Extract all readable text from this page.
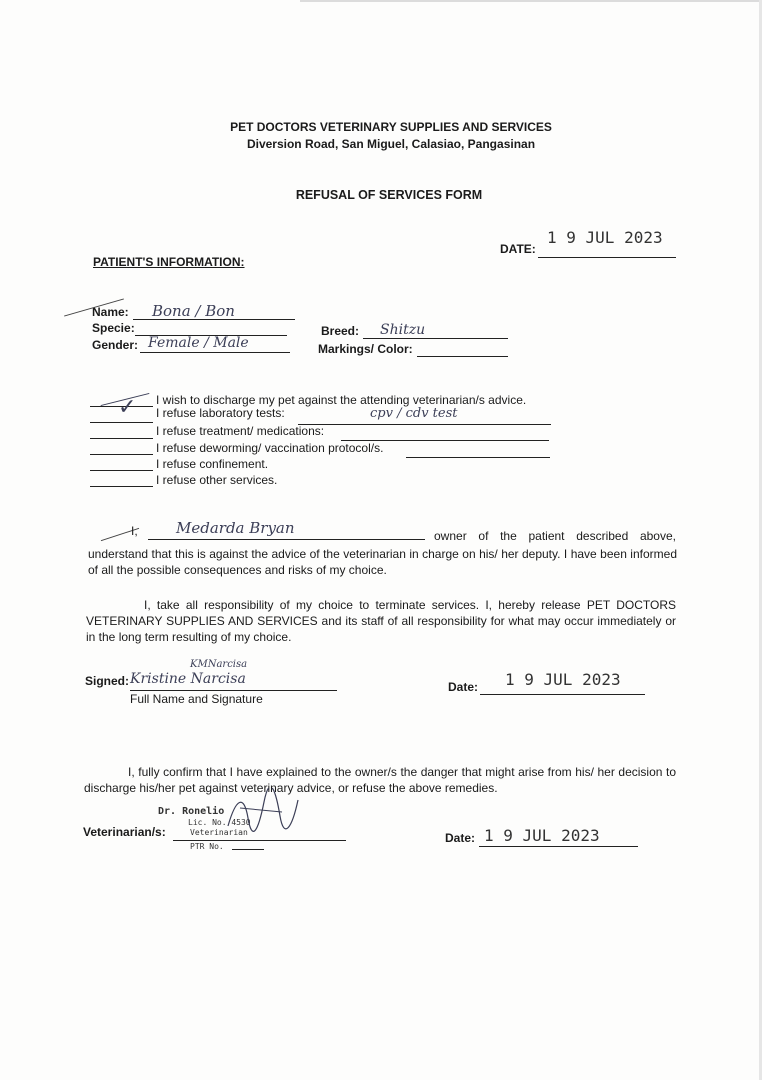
PET DOCTORS VETERINARY SUPPLIES AND SERVICES
Diversion Road, San Miguel, Calasiao, Pangasinan
REFUSAL OF SERVICES FORM
DATE:
1 9 JUL 2023
PATIENT'S INFORMATION:
Name: Bona / Bon
Specie:
Gender: Female / Male
Breed: Shitzu
Markings/ Color:
I wish to discharge my pet against the attending veterinarian/s advice.
✓ I refuse laboratory tests:	cpv / cdv test
I refuse treatment/ medications:
I refuse deworming/ vaccination protocol/s.
I refuse confinement.
I refuse other services.
I,	Medarda Bryan	owner of the patient described above,
understand that this is against the advice of the veterinarian in charge on his/ her deputy. I have been informed of all the possible consequences and risks of my choice.
I, take all responsibility of my choice to terminate services. I, hereby release PET DOCTORS VETERINARY SUPPLIES AND SERVICES and its staff of all responsibility for what may occur immediately or in the long term resulting of my choice.
Signed: Kristine Narcisa
KMNarcisa
Full Name and Signature
Date: 1 9 JUL 2023
I, fully confirm that I have explained to the owner/s the danger that might arise from his/ her decision to discharge his/her pet against veterinary advice, or refuse the above remedies.
Dr. Ronelio
Lic. No. 4530
Veterinarian
PTR No.
Veterinarian/s:	Date: 1 9 JUL 2023
